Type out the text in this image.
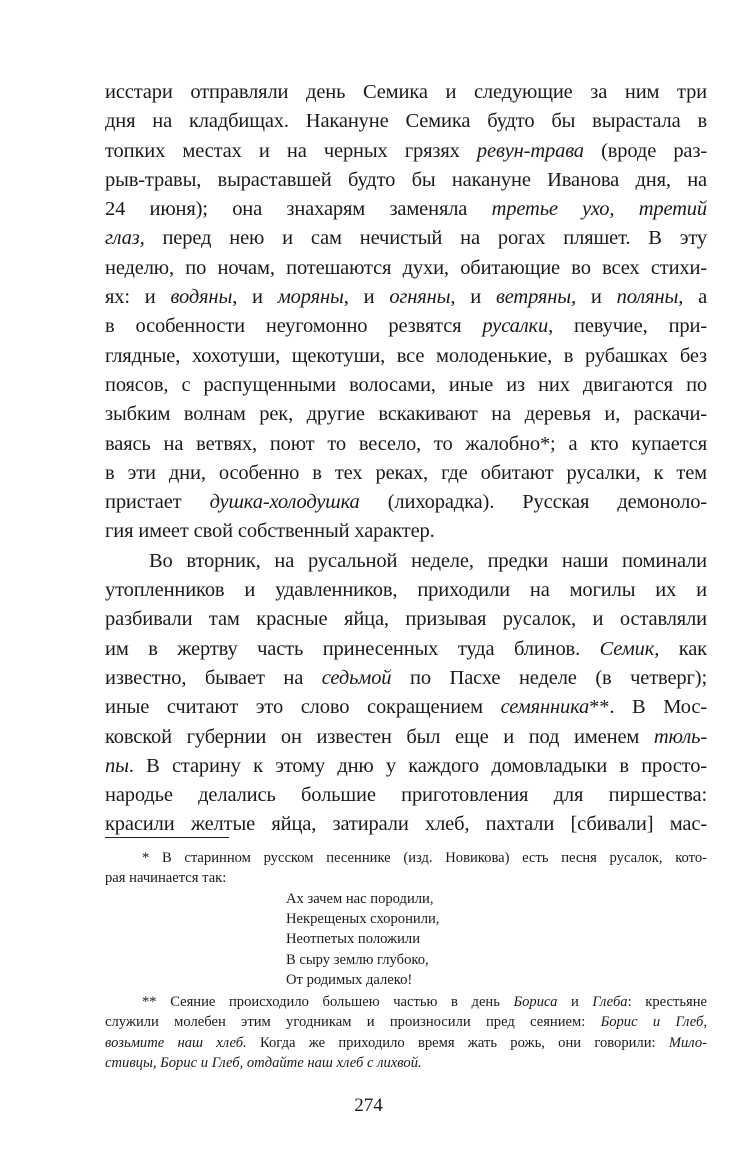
исстари отправляли день Семика и следующие за ним три
дня на кладбищах. Накануне Семика будто бы вырастала в
топких местах и на черных грязях ревун-трава (вроде раз-
рыв-травы, выраставшей будто бы накануне Иванова дня, на
24 июня); она знахарям заменяла третье ухо, третий
глаз, перед нею и сам нечистый на рогах пляшет. В эту
неделю, по ночам, потешаются духи, обитающие во всех стихи-
ях: и водяны, и моряны, и огняны, и ветряны, и поляны, а
в особенности неугомонно резвятся русалки, певучие, при-
глядные, хохотуши, щекотуши, все молоденькие, в рубашках без
поясов, с распущенными волосами, иные из них двигаются по
зыбким волнам рек, другие вскакивают на деревья и, раскачи-
ваясь на ветвях, поют то весело, то жалобно*; а кто купается
в эти дни, особенно в тех реках, где обитают русалки, к тем
пристает душка-холодушка (лихорадка). Русская демоноло-
гия имеет свой собственный характер.
Во вторник, на русальной неделе, предки наши поминали
утопленников и удавленников, приходили на могилы их и
разбивали там красные яйца, призывая русалок, и оставляли
им в жертву часть принесенных туда блинов. Семик, как
известно, бывает на седьмой по Пасхе неделе (в четверг);
иные считают это слово сокращением семянника**. В Мос-
ковской губернии он известен был еще и под именем тюль-
пы. В старину к этому дню у каждого домовладыки в просто-
народье делались большие приготовления для пиршества:
красили желтые яйца, затирали хлеб, пахтали [сбивали] мас-
* В старинном русском песеннике (изд. Новикова) есть песня русалок, кото-
рая начинается так:
Ах зачем нас породили,
Некрещеных схоронили,
Неотпетых положили
В сыру землю глубоко,
От родимых далеко!
** Сеяние происходило большею частью в день Бориса и Глеба: крестьяне
служили молебен этим угодникам и произносили пред сеянием: Борис и Глеб,
возьмите наш хлеб. Когда же приходило время жать рожь, они говорили: Мило-
стивцы, Борис и Глеб, отдайте наш хлеб с лихвой.
274
